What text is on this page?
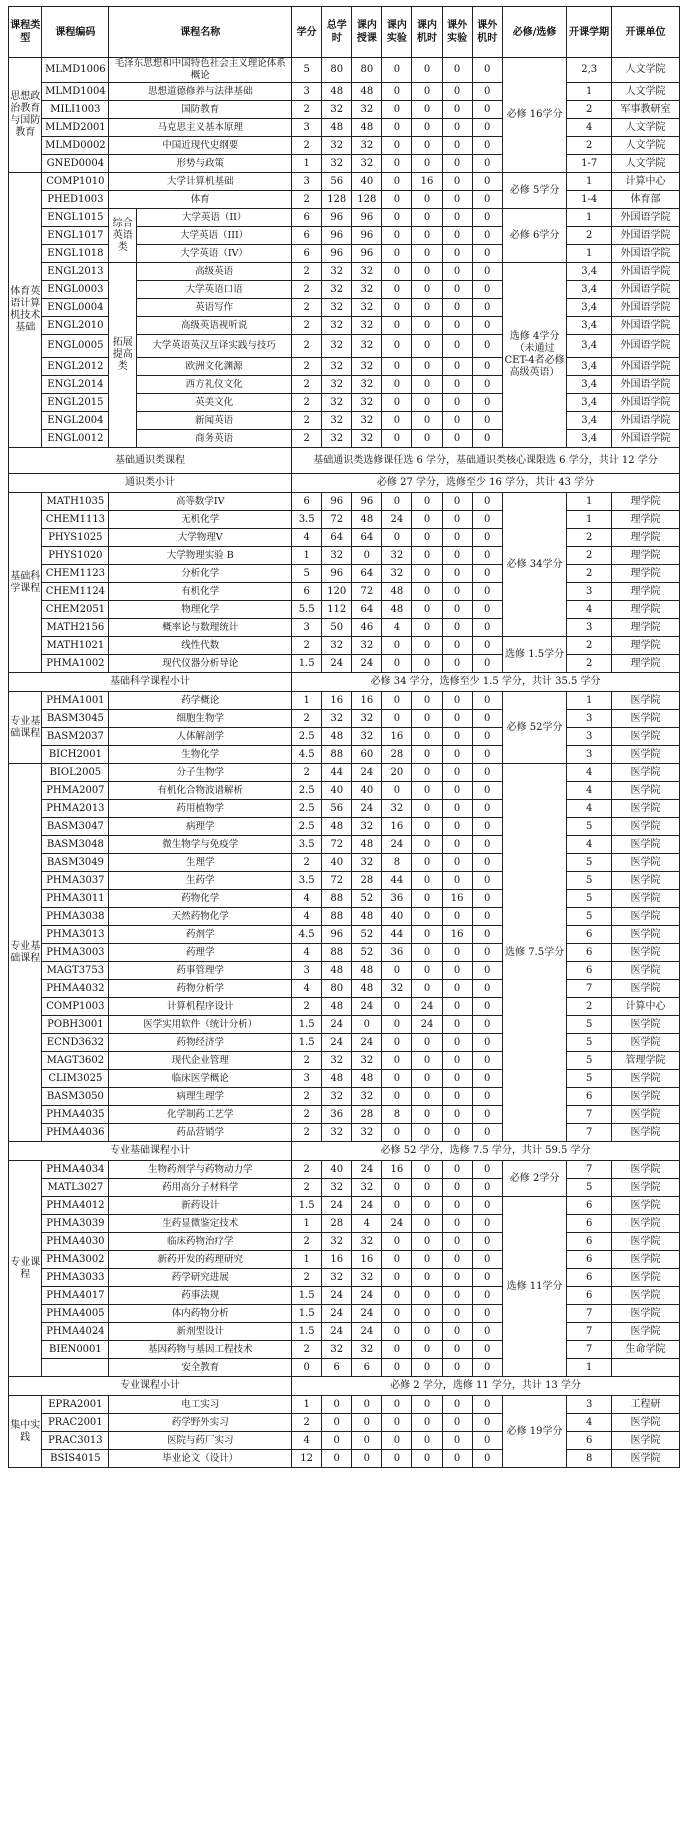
课程类型	课程编码	课程名称		学分	总学时	课内授课	课内实验	课内机时	课外实验	课外机时	必修/选修	开课学期	开课单位
思想政治教育与国防教育	MLMD1006	毛泽东思想和中国特色社会主义理论体系概论		5	80	80	0	0	0	0	必修 16学分	2,3	人文学院
	MLMD1004	思想道德修养与法律基础		3	48	48	0	0	0	0		1	人文学院
	MILI1003	国防教育		2	32	32	0	0	0	0		2	军事教研室
	MLMD2001	马克思主义基本原理		3	48	48	0	0	0	0		4	人文学院
	MLMD0002	中国近现代史纲要		2	32	32	0	0	0	0		2	人文学院
	GNED0004	形势与政策		1	32	32	0	0	0	0		1-7	人文学院
体育英语计算机技术基础	COMP1010	大学计算机基础		3	56	40	0	16	0	0	必修 5学分	1	计算中心
	PHED1003	体育		2	128	128	0	0	0	0		1-4	体育部
	ENGL1015	综合英语类	大学英语（II）	6	96	96	0	0	0	0	必修 6学分	1	外国语学院
	ENGL1017		大学英语（III）	6	96	96	0	0	0	0		2	外国语学院
	ENGL1018		大学英语（IV）	6	96	96	0	0	0	0		1	外国语学院
	ENGL2013	拓展提高类	高级英语	2	32	32	0	0	0	0	选修 4学分（未通过CET-4者必修高级英语）	3,4	外国语学院
	ENGL0003		大学英语口语	2	32	32	0	0	0	0		3,4	外国语学院
	ENGL0004		英语写作	2	32	32	0	0	0	0		3,4	外国语学院
	ENGL2010		高级英语视听说	2	32	32	0	0	0	0		3,4	外国语学院
	ENGL0005		大学英语英汉互译实践与技巧	2	32	32	0	0	0	0		3,4	外国语学院
	ENGL2012		欧洲文化渊源	2	32	32	0	0	0	0		3,4	外国语学院
	ENGL2014		西方礼仪文化	2	32	32	0	0	0	0		3,4	外国语学院
	ENGL2015		英美文化	2	32	32	0	0	0	0		3,4	外国语学院
	ENGL2004		新闻英语	2	32	32	0	0	0	0		3,4	外国语学院
	ENGL0012		商务英语	2	32	32	0	0	0	0		3,4	外国语学院
基础通识类课程				基础通识类选修课任选 6 学分，基础通识类核心课限选 6 学分，共计 12 学分									
通识类小计				必修 27 学分，选修至少 16 学分，共计 43 学分									
基础科学课程	MATH1035	高等数学IV		6	96	96	0	0	0	0	必修 34学分	1	理学院
	CHEM1113	无机化学		3.5	72	48	24	0	0	0		1	理学院
	PHYS1025	大学物理V		4	64	64	0	0	0	0		2	理学院
	PHYS1020	大学物理实验 B		1	32	0	32	0	0	0		2	理学院
	CHEM1123	分析化学		5	96	64	32	0	0	0		2	理学院
	CHEM1124	有机化学		6	120	72	48	0	0	0		3	理学院
	CHEM2051	物理化学		5.5	112	64	48	0	0	0		4	理学院
	MATH2156	概率论与数理统计		3	50	46	4	0	0	0		3	理学院
	MATH1021	线性代数		2	32	32	0	0	0	0	选修 1.5学分	2	理学院
	PHMA1002	现代仪器分析导论		1.5	24	24	0	0	0	0		2	理学院
基础科学课程小计				必修 34 学分，选修至少 1.5 学分，共计 35.5 学分									
专业基础课程	PHMA1001	药学概论		1	16	16	0	0	0	0	必修 52学分	1	医学院
	BASM3045	细胞生物学		2	32	32	0	0	0	0		3	医学院
	BASM2037	人体解剖学		2.5	48	32	16	0	0	0		3	医学院
	BICH2001	生物化学		4.5	88	60	28	0	0	0		3	医学院
专业基础课程	BIOL2005	分子生物学		2	44	24	20	0	0	0	选修 7.5学分	4	医学院
	PHMA2007	有机化合物波谱解析		2.5	40	40	0	0	0	0		4	医学院
	PHMA2013	药用植物学		2.5	56	24	32	0	0	0		4	医学院
	BASM3047	病理学		2.5	48	32	16	0	0	0		5	医学院
	BASM3048	微生物学与免疫学		3.5	72	48	24	0	0	0		4	医学院
	BASM3049	生理学		2	40	32	8	0	0	0		5	医学院
	PHMA3037	生药学		3.5	72	28	44	0	0	0		5	医学院
	PHMA3011	药物化学		4	88	52	36	0	16	0		5	医学院
	PHMA3038	天然药物化学		4	88	48	40	0	0	0		5	医学院
	PHMA3013	药剂学		4.5	96	52	44	0	16	0		6	医学院
	PHMA3003	药理学		4	88	52	36	0	0	0		6	医学院
	MAGT3753	药事管理学		3	48	48	0	0	0	0		6	医学院
	PHMA4032	药物分析学		4	80	48	32	0	0	0		7	医学院
	COMP1003	计算机程序设计		2	48	24	0	24	0	0		2	计算中心
	POBH3001	医学实用软件（统计分析）		1.5	24	0	0	24	0	0		5	医学院
	ECND3632	药物经济学		1.5	24	24	0	0	0	0		5	医学院
	MAGT3602	现代企业管理		2	32	32	0	0	0	0		5	管理学院
	CLIM3025	临床医学概论		3	48	48	0	0	0	0		5	医学院
	BASM3050	病理生理学		2	32	32	0	0	0	0		6	医学院
	PHMA4035	化学制药工艺学		2	36	28	8	0	0	0		7	医学院
	PHMA4036	药品营销学		2	32	32	0	0	0	0		7	医学院
专业基础课程小计				必修 52 学分，选修 7.5 学分，共计 59.5 学分									
专业课程	PHMA4034	生物药剂学与药物动力学		2	40	24	16	0	0	0	必修 2学分	7	医学院
	MATL3027	药用高分子材料学		2	32	32	0	0	0	0		5	医学院
	PHMA4012	新药设计		1.5	24	24	0	0	0	0	选修 11学分	6	医学院
	PHMA3039	生药显微鉴定技术		1	28	4	24	0	0	0		6	医学院
	PHMA4030	临床药物治疗学		2	32	32	0	0	0	0		6	医学院
	PHMA3002	新药开发的药理研究		1	16	16	0	0	0	0		6	医学院
	PHMA3033	药学研究进展		2	32	32	0	0	0	0		6	医学院
	PHMA4017	药事法规		1.5	24	24	0	0	0	0		6	医学院
	PHMA4005	体内药物分析		1.5	24	24	0	0	0	0		7	医学院
	PHMA4024	新剂型设计		1.5	24	24	0	0	0	0		7	医学院
	BIEN0001	基因药物与基因工程技术		2	32	32	0	0	0	0		7	生命学院
		安全教育		0	6	6	0	0	0	0		1	
专业课程小计				必修 2 学分，选修 11 学分，共计 13 学分									
集中实践	EPRA2001	电工实习		1	0	0	0	0	0	0	必修 19学分	3	工程研
	PRAC2001	药学野外实习		2	0	0	0	0	0	0		4	医学院
	PRAC3013	医院与药厂实习		4	0	0	0	0	0	0		6	医学院
	BSIS4015	毕业论文（设计）		12	0	0	0	0	0	0		8	医学院
